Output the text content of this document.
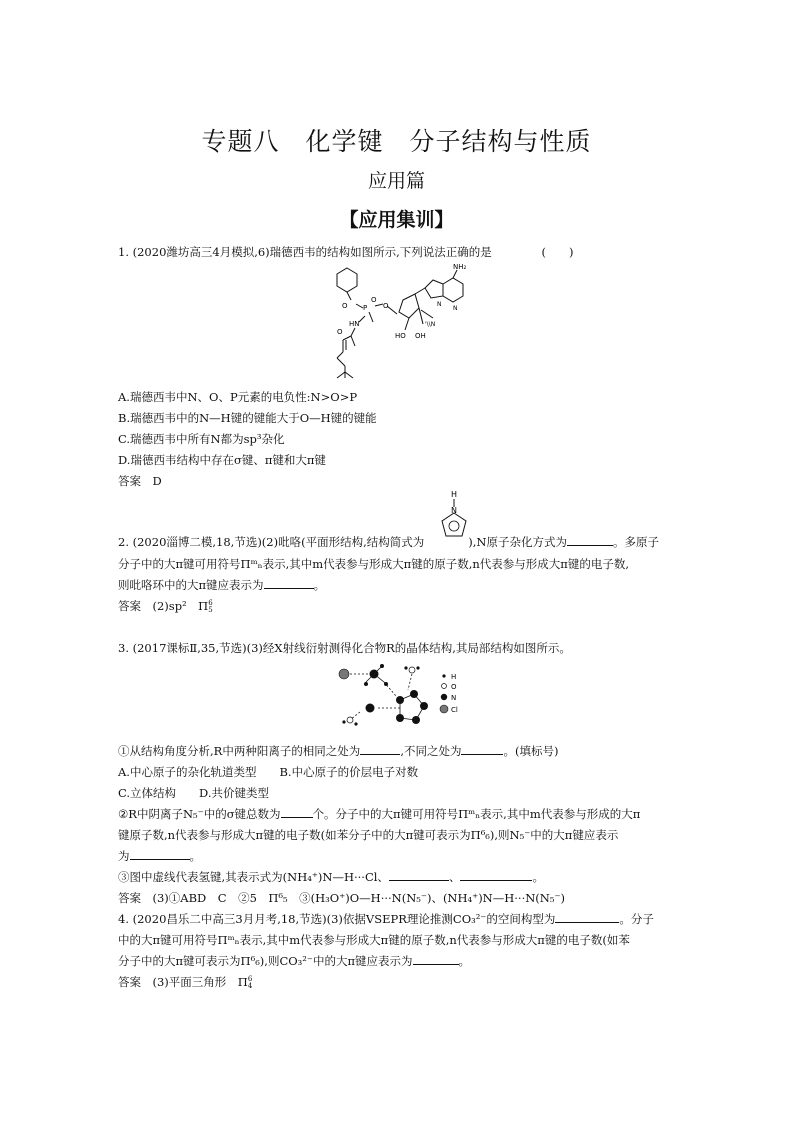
专题八　化学键　分子结构与性质
应用篇
【应用集训】
1. (2020潍坊高三4月模拟,6)瑞德西韦的结构如图所示,下列说法正确的是	(　　)
O P
O
HN
O
O	HO OH
'\\N
N
N
NH₂
A.瑞德西韦中N、O、P元素的电负性:N>O>P
B.瑞德西韦中的N—H键的键能大于O—H键的键能
C.瑞德西韦中所有N都为sp³杂化
D.瑞德西韦结构中存在σ键、π键和大π键
答案　D
H
N
2. (2020淄博二模,18,节选)(2)吡咯(平面形结构,结构简式为	),N原子杂化方式为	。多原子
分子中的大π键可用符号Πᵐₙ表示,其中m代表参与形成大π键的原子数,n代表参与形成大π键的电子数,
则吡咯环中的大π键应表示为	。
答案　(2)sp²　Π6
5
3. (2017课标Ⅱ,35,节选)(3)经X射线衍射测得化合物R的晶体结构,其局部结构如图所示。
H
O
N
Cl
①从结构角度分析,R中两种阳离子的相同之处为	,不同之处为	。(填标号)
A.中心原子的杂化轨道类型　　B.中心原子的价层电子对数
C.立体结构　　D.共价键类型
②R中阴离子N₅⁻中的σ键总数为	个。分子中的大π键可用符号Πᵐₙ表示,其中m代表参与形成的大π
键原子数,n代表参与形成大π键的电子数(如苯分子中的大π键可表示为Π⁶₆),则N₅⁻中的大π键应表示
为	。
③图中虚线代表氢键,其表示式为(NH₄⁺)N—H···Cl、	、	。
答案　(3)①ABD　C　②5　Π⁶₅　③(H₃O⁺)O—H···N(N₅⁻)、(NH₄⁺)N—H···N(N₅⁻)
4. (2020昌乐二中高三3月月考,18,节选)(3)依据VSEPR理论推测CO₃²⁻的空间构型为	。分子
中的大π键可用符号Πᵐₙ表示,其中m代表参与形成大π键的原子数,n代表参与形成大π键的电子数(如苯
分子中的大π键可表示为Π⁶₆),则CO₃²⁻中的大π键应表示为	。
答案　(3)平面三角形　Π6
4
